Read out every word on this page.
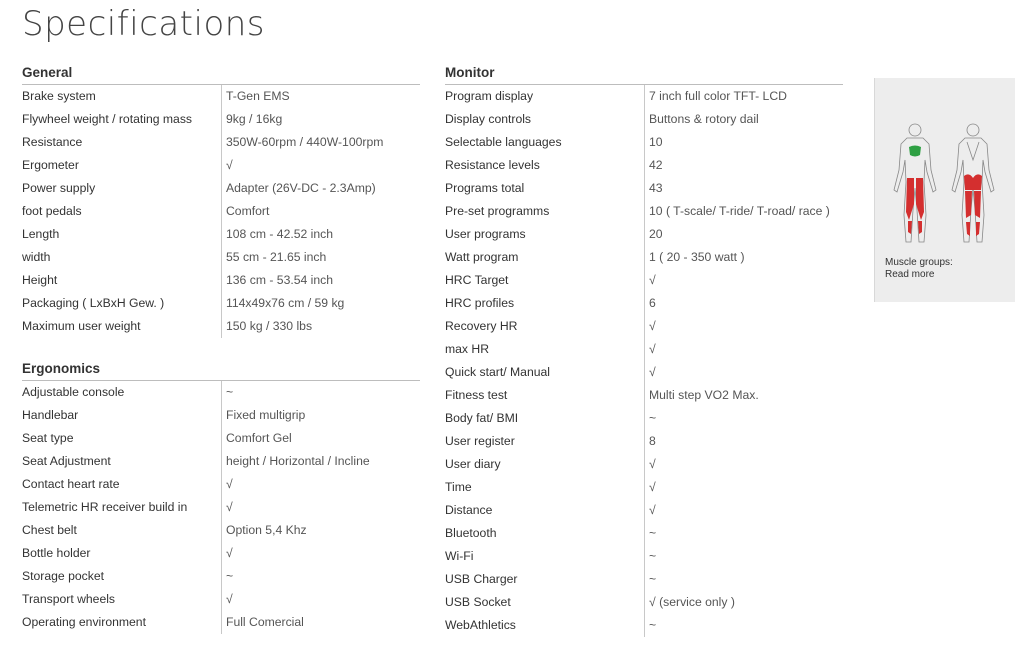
Specifications
General
Brake system	T-Gen EMS
Flywheel weight / rotating mass	9kg / 16kg
Resistance	350W-60rpm / 440W-100rpm
Ergometer	√
Power supply	Adapter (26V-DC - 2.3Amp)
foot pedals	Comfort
Length	108 cm - 42.52 inch
width	55 cm - 21.65 inch
Height	136 cm - 53.54 inch
Packaging ( LxBxH Gew. )	114x49x76 cm / 59 kg
Maximum user weight	150 kg / 330 lbs
Ergonomics
Adjustable console	~
Handlebar	Fixed multigrip
Seat type	Comfort Gel
Seat Adjustment	height / Horizontal / Incline
Contact heart rate	√
Telemetric HR receiver build in	√
Chest belt	Option 5,4 Khz
Bottle holder	√
Storage pocket	~
Transport wheels	√
Operating environment	Full Comercial
Monitor
Program display	7 inch full color TFT- LCD
Display controls	Buttons & rotory dail
Selectable languages	10
Resistance levels	42
Programs total	43
Pre-set programms	10 ( T-scale/ T-ride/ T-road/ race )
User programs	20
Watt program	1 ( 20 - 350 watt )
HRC Target	√
HRC profiles	6
Recovery HR	√
max HR	√
Quick start/ Manual	√
Fitness test	Multi step VO2 Max.
Body fat/ BMI	~
User register	8
User diary	√
Time	√
Distance	√
Bluetooth	~
Wi-Fi	~
USB Charger	~
USB Socket	√ (service only )
WebAthletics	~
Muscle groups:
Read more
